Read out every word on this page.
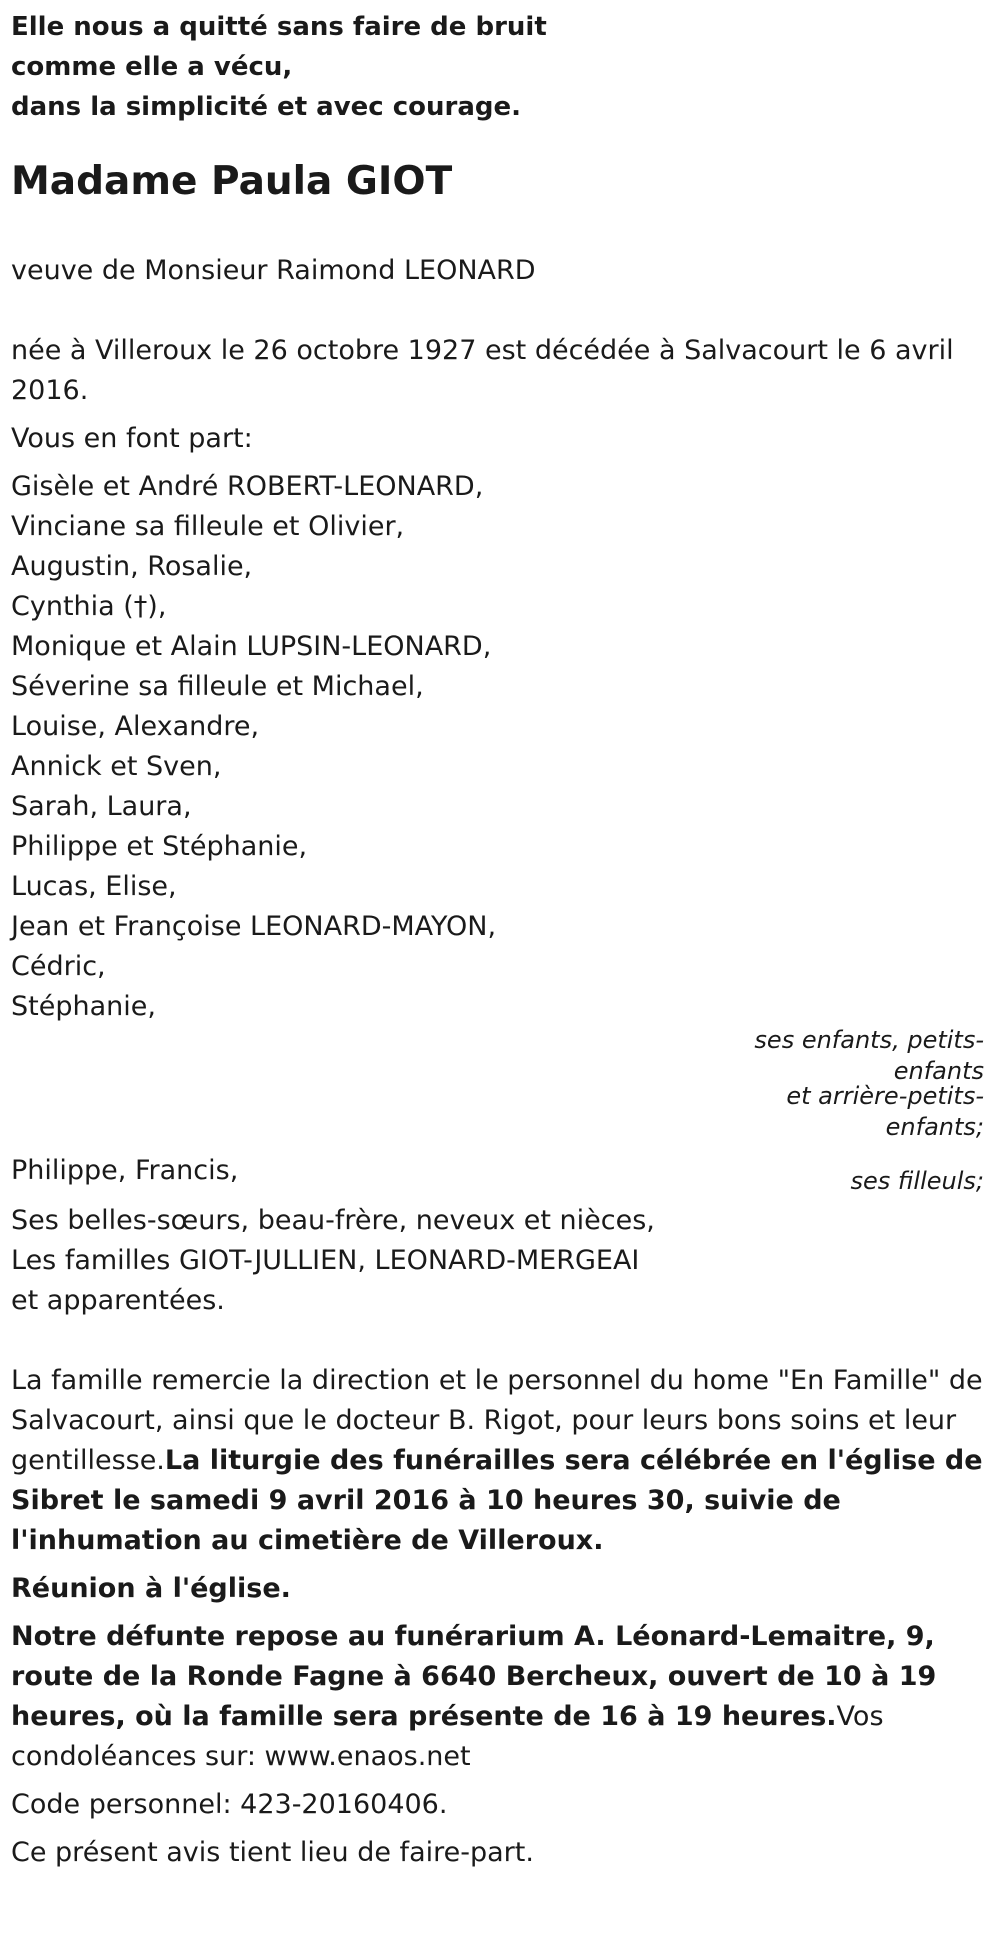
Elle nous a quitté sans faire de bruit

comme elle a vécu,

dans la simplicité et avec courage.

Madame Paula GIOT

veuve de Monsieur Raimond LEONARD

née à Villeroux le 26 octobre 1927 est décédée à Salvacourt le 6 avril 2016.

Vous en font part:

Gisèle et André ROBERT-LEONARD,
Vinciane sa filleule et Olivier,
Augustin, Rosalie,
Cynthia (†),
Monique et Alain LUPSIN-LEONARD,
Séverine sa filleule et Michael,
Louise, Alexandre,
Annick et Sven,
Sarah, Laura,
Philippe et Stéphanie,
Lucas, Elise,
Jean et Françoise LEONARD-MAYON,
Cédric,
Stéphanie,
ses enfants, petits-enfants
et arrière-petits-enfants;
Philippe, Francis,	ses filleuls;

Ses belles-sœurs, beau-frère, neveux et nièces,

Les familles GIOT-JULLIEN, LEONARD-MERGEAI

et apparentées.

La famille remercie la direction et le personnel du home "En Famille" de Salvacourt, ainsi que le docteur B. Rigot, pour leurs bons soins et leur gentillesse.La liturgie des funérailles sera célébrée en l'église de Sibret le samedi 9 avril 2016 à 10 heures 30, suivie de l'inhumation au cimetière de Villeroux.

Réunion à l'église.

Notre défunte repose au funérarium A. Léonard-Lemaitre, 9, route de la Ronde Fagne à 6640 Bercheux, ouvert de 10 à 19 heures, où la famille sera présente de 16 à 19 heures.Vos condoléances sur: www.enaos.net

Code personnel: 423-20160406.

Ce présent avis tient lieu de faire-part.
